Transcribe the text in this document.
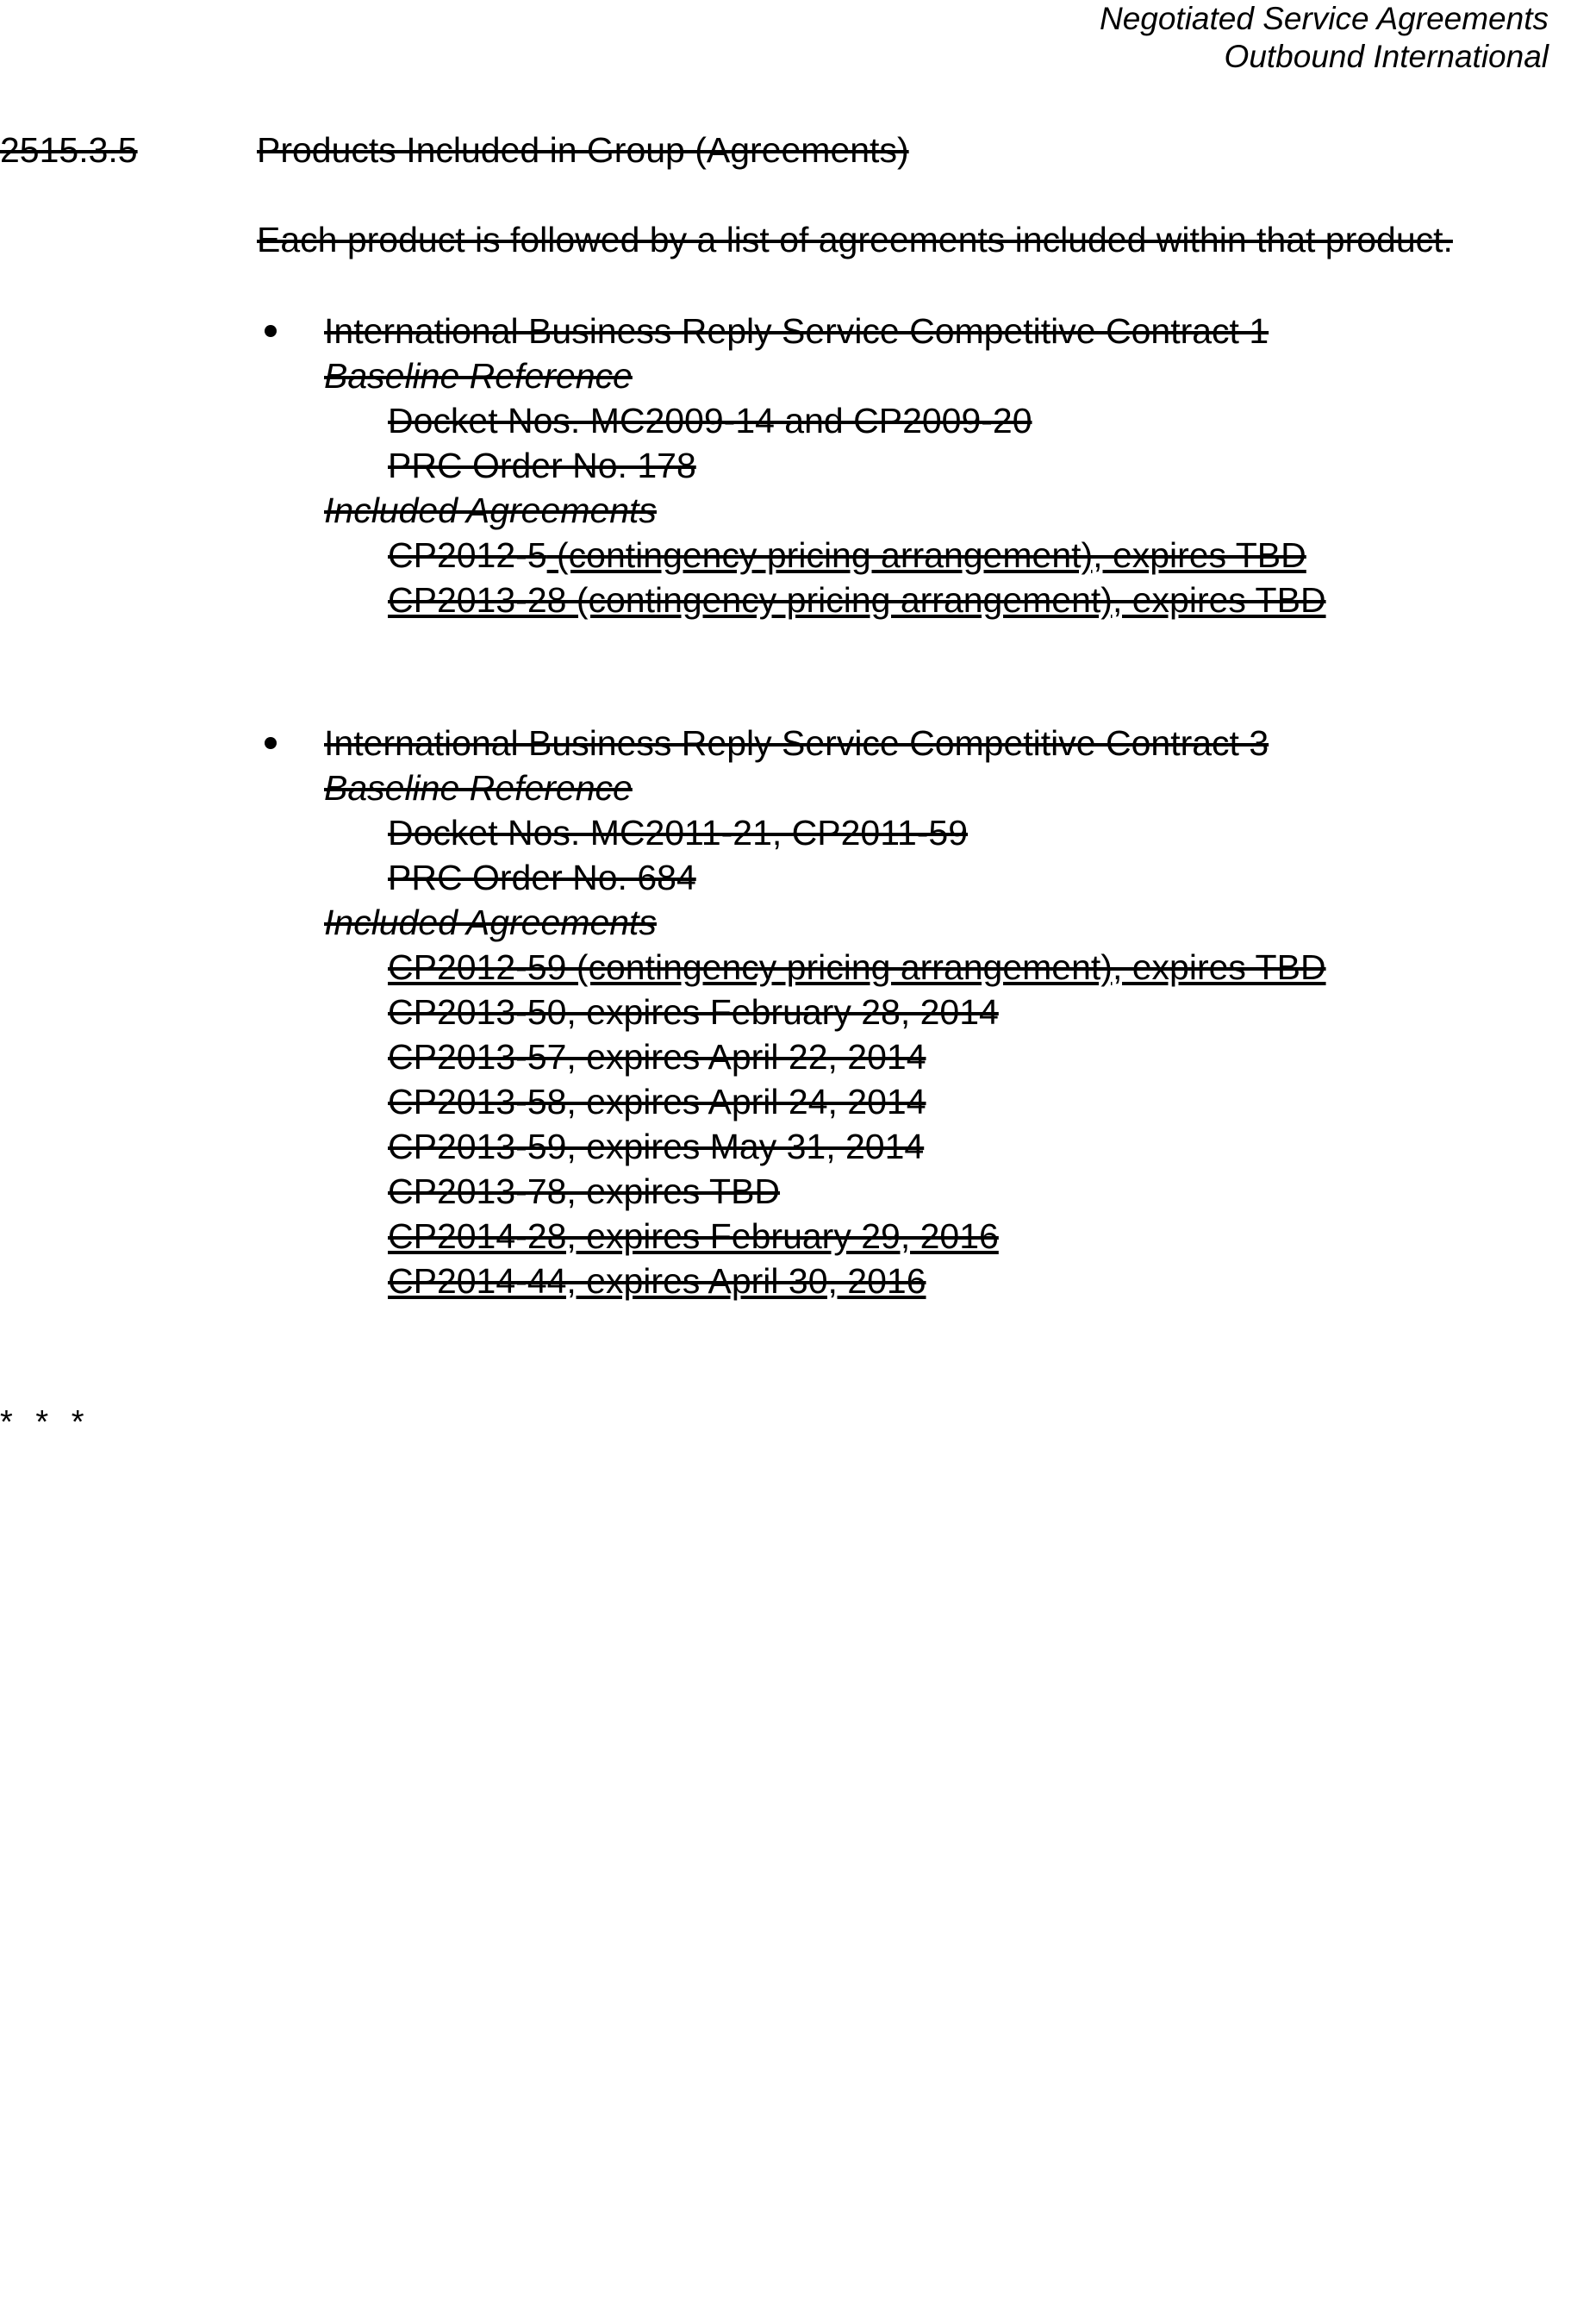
Negotiated Service Agreements
Outbound International
2515.3.5	Products Included in Group (Agreements)
Each product is followed by a list of agreements included within that product.
International Business Reply Service Competitive Contract 1
Baseline Reference
Docket Nos. MC2009-14 and CP2009-20
PRC Order No. 178
Included Agreements
CP2012-5 (contingency pricing arrangement), expires TBD
CP2013-28 (contingency pricing arrangement), expires TBD
International Business Reply Service Competitive Contract 3
Baseline Reference
Docket Nos. MC2011-21, CP2011-59
PRC Order No. 684
Included Agreements
CP2012-59 (contingency pricing arrangement), expires TBD
CP2013-50, expires February 28, 2014
CP2013-57, expires April 22, 2014
CP2013-58, expires April 24, 2014
CP2013-59, expires May 31, 2014
CP2013-78, expires TBD
CP2014-28, expires February 29, 2016
CP2014-44, expires April 30, 2016
* * *
